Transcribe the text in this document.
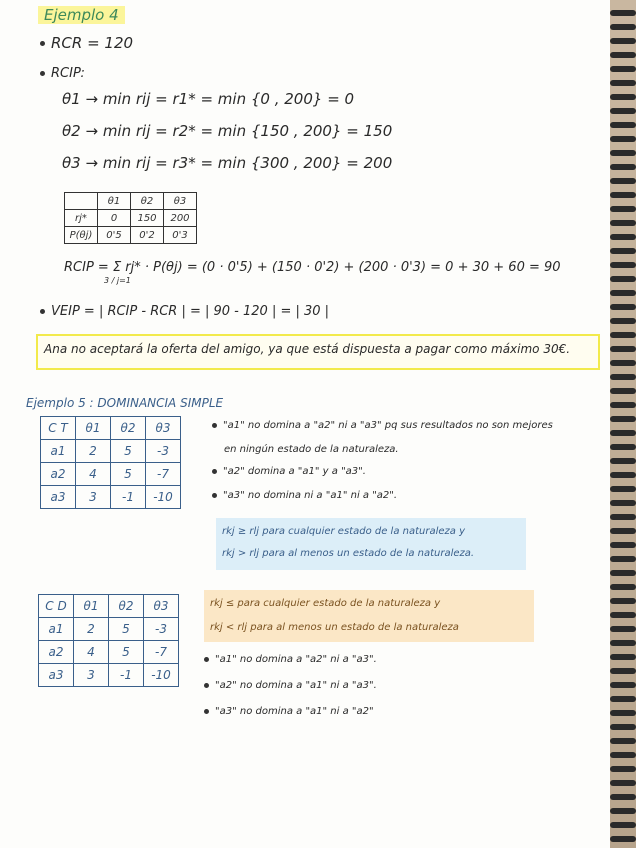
Ejemplo 4
RCR = 120
RCIP:
θ1 → min rij = r1* = min {0 , 200} = 0
θ2 → min rij = r2* = min {150 , 200} = 150
θ3 → min rij = r3* = min {300 , 200} = 200
	θ1	θ2	θ3
rj*	0	150	200
P(θj)	0'5	0'2	0'3
RCIP = Σ rj* · P(θj) = (0 · 0'5) + (150 · 0'2) + (200 · 0'3) = 0 + 30 + 60 = 90
3 / j=1
VEIP = | RCIP - RCR | = | 90 - 120 | = | 30 |
Ana no aceptará la oferta del amigo, ya que está dispuesta a pagar como máximo 30€.
Ejemplo 5 : DOMINANCIA SIMPLE
C T	θ1	θ2	θ3
a1	2	5	-3
a2	4	5	-7
a3	3	-1	-10
"a1" no domina a "a2" ni a "a3" pq sus resultados no son mejores
en ningún estado de la naturaleza.
"a2" domina a "a1" y a "a3".
"a3" no domina ni a "a1" ni a "a2".
rkj ≥ rlj para cualquier estado de la naturaleza y
rkj > rlj para al menos un estado de la naturaleza.
C D	θ1	θ2	θ3
a1	2	5	-3
a2	4	5	-7
a3	3	-1	-10
rkj ≤ para cualquier estado de la naturaleza y
rkj < rlj para al menos un estado de la naturaleza
"a1" no domina a "a2" ni a "a3".
"a2" no domina a "a1" ni a "a3".
"a3" no domina a "a1" ni a "a2"
